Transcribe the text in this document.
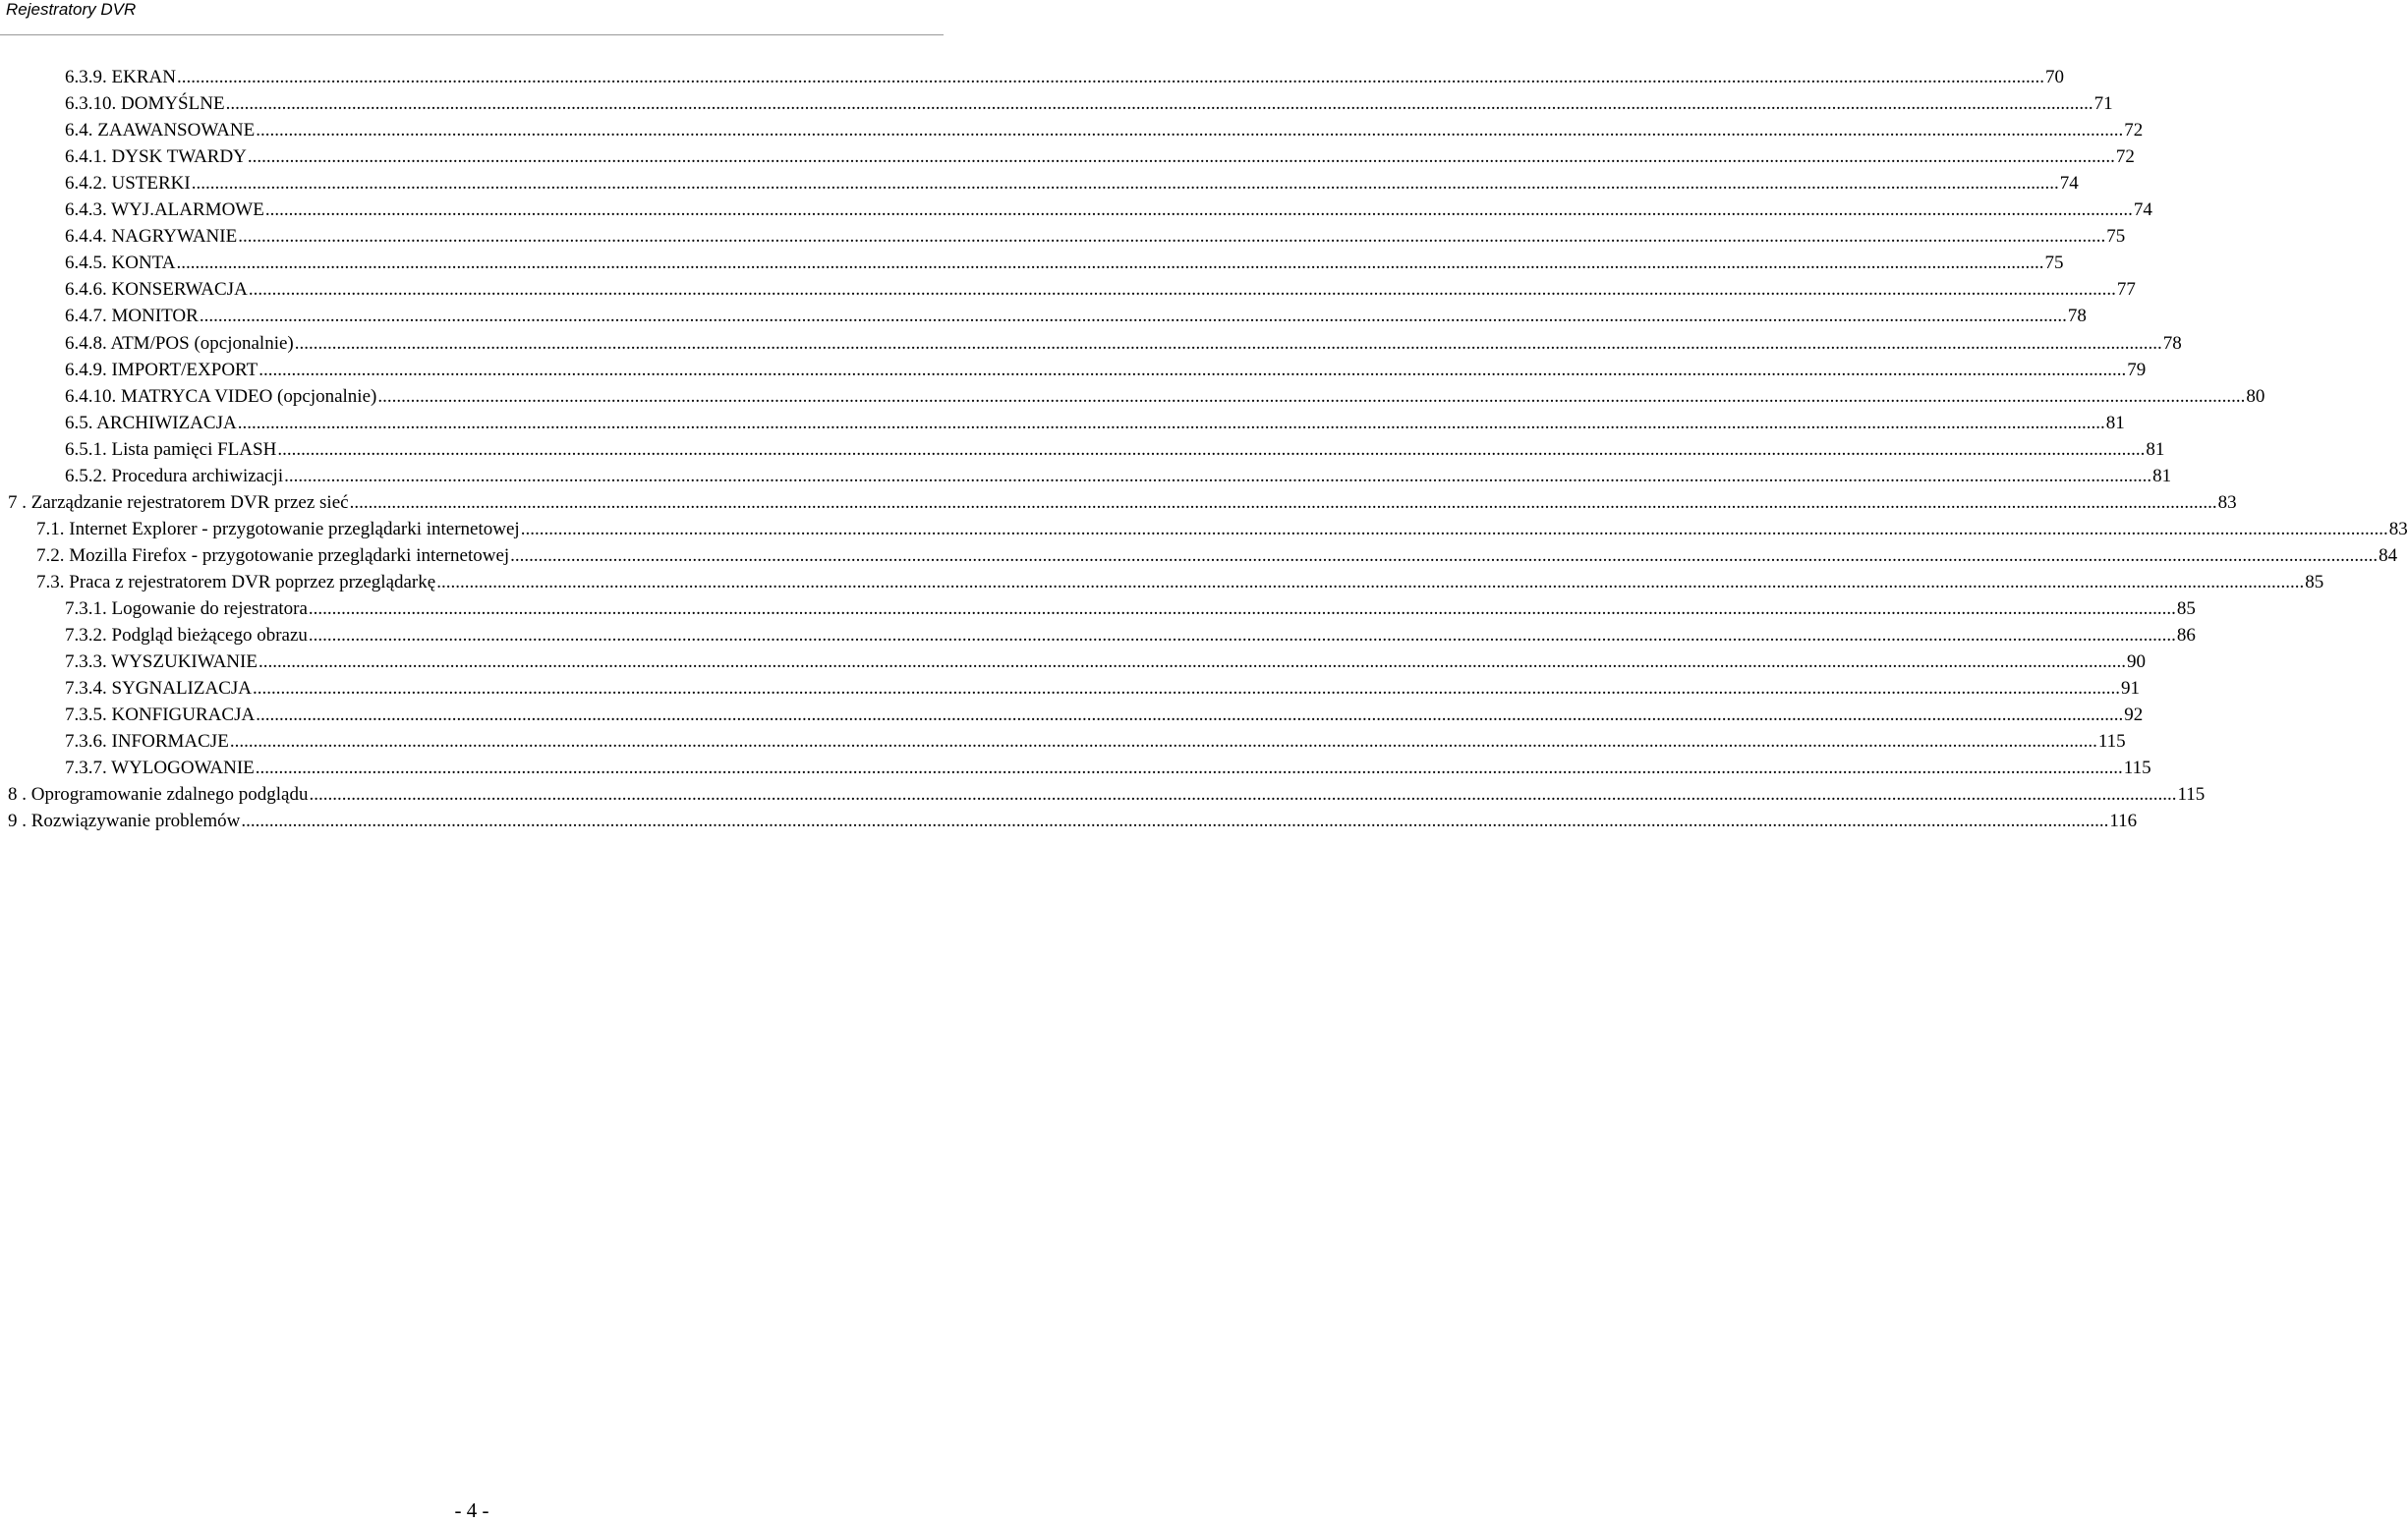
Rejestratory DVR
6.3.9. EKRAN ................................................................................................................................................................................................................................................................................................................................................................................................................ 70
6.3.10. DOMYŚLNE ................................................................................................................................................................................................................................................................................................................................................................................................................ 71
6.4. ZAAWANSOWANE ................................................................................................................................................................................................................................................................................................................................................................................................................ 72
6.4.1. DYSK TWARDY ................................................................................................................................................................................................................................................................................................................................................................................................................ 72
6.4.2. USTERKI ................................................................................................................................................................................................................................................................................................................................................................................................................ 74
6.4.3. WYJ.ALARMOWE ................................................................................................................................................................................................................................................................................................................................................................................................................ 74
6.4.4. NAGRYWANIE ................................................................................................................................................................................................................................................................................................................................................................................................................ 75
6.4.5. KONTA ................................................................................................................................................................................................................................................................................................................................................................................................................ 75
6.4.6. KONSERWACJA ................................................................................................................................................................................................................................................................................................................................................................................................................ 77
6.4.7. MONITOR ................................................................................................................................................................................................................................................................................................................................................................................................................ 78
6.4.8. ATM/POS (opcjonalnie) ................................................................................................................................................................................................................................................................................................................................................................................................................ 78
6.4.9. IMPORT/EXPORT ................................................................................................................................................................................................................................................................................................................................................................................................................ 79
6.4.10. MATRYCA VIDEO (opcjonalnie) ................................................................................................................................................................................................................................................................................................................................................................................................................ 80
6.5. ARCHIWIZACJA ................................................................................................................................................................................................................................................................................................................................................................................................................ 81
6.5.1. Lista pamięci FLASH ................................................................................................................................................................................................................................................................................................................................................................................................................ 81
6.5.2. Procedura archiwizacji ................................................................................................................................................................................................................................................................................................................................................................................................................ 81
7 . Zarządzanie rejestratorem DVR przez sieć ................................................................................................................................................................................................................................................................................................................................................................................................................ 83
7.1. Internet Explorer - przygotowanie przeglądarki internetowej ................................................................................................................................................................................................................................................................................................................................................................................................................ 83
7.2. Mozilla Firefox - przygotowanie przeglądarki internetowej ................................................................................................................................................................................................................................................................................................................................................................................................................ 84
7.3. Praca z rejestratorem DVR poprzez przeglądarkę ................................................................................................................................................................................................................................................................................................................................................................................................................ 85
7.3.1. Logowanie do rejestratora ................................................................................................................................................................................................................................................................................................................................................................................................................ 85
7.3.2. Podgląd bieżącego obrazu ................................................................................................................................................................................................................................................................................................................................................................................................................ 86
7.3.3. WYSZUKIWANIE ................................................................................................................................................................................................................................................................................................................................................................................................................ 90
7.3.4. SYGNALIZACJA ................................................................................................................................................................................................................................................................................................................................................................................................................ 91
7.3.5. KONFIGURACJA ................................................................................................................................................................................................................................................................................................................................................................................................................ 92
7.3.6. INFORMACJE ................................................................................................................................................................................................................................................................................................................................................................................................................ 115
7.3.7. WYLOGOWANIE ................................................................................................................................................................................................................................................................................................................................................................................................................ 115
8 . Oprogramowanie zdalnego podglądu ................................................................................................................................................................................................................................................................................................................................................................................................................ 115
9 . Rozwiązywanie problemów ................................................................................................................................................................................................................................................................................................................................................................................................................ 116
- 4 -
